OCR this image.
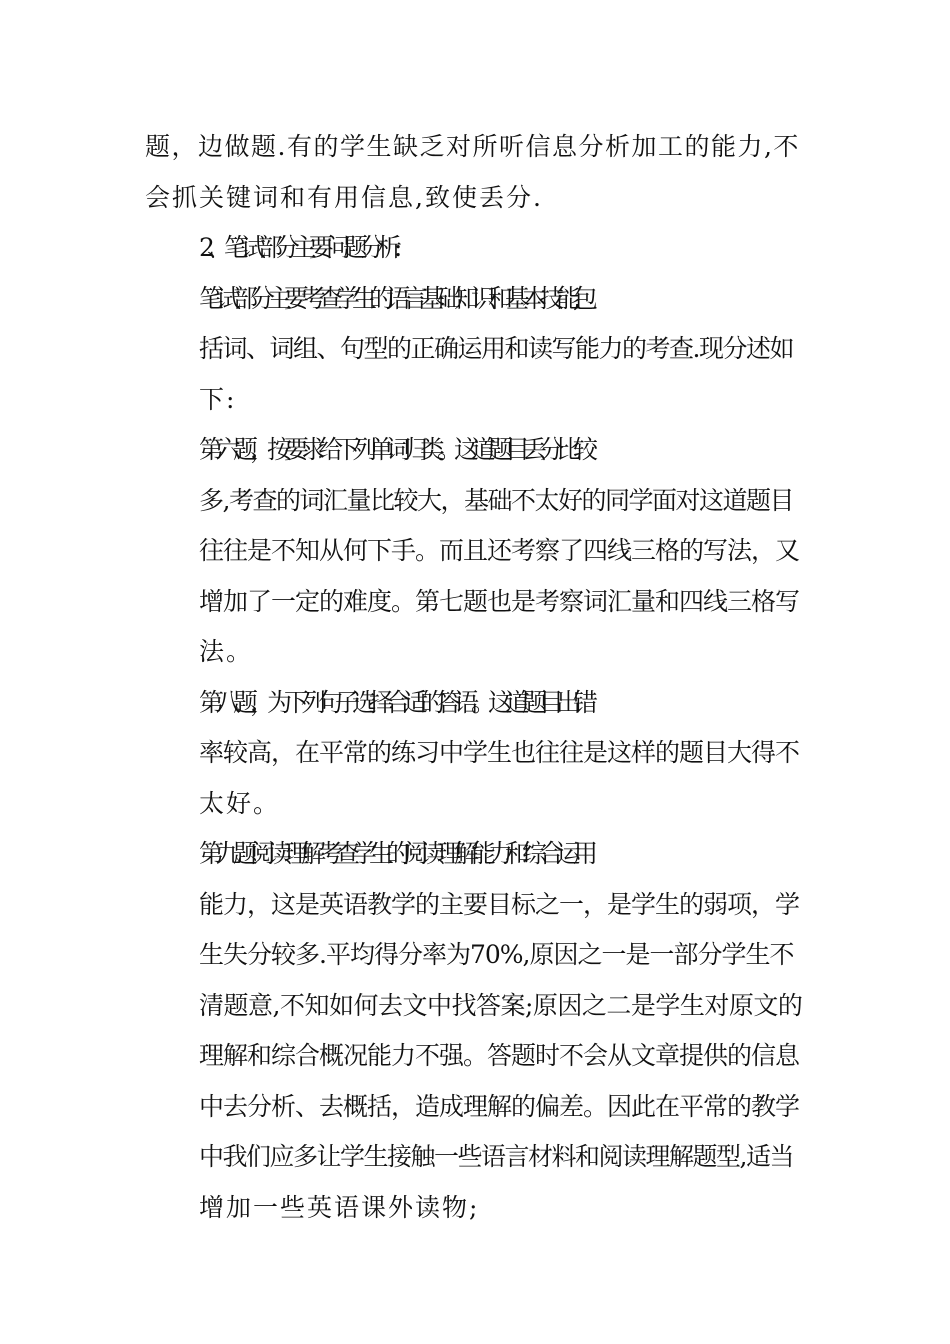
题，边做题.有的学生缺乏对所听信息分析加工的能力,不
会抓关键词和有用信息,致使丢分.
2、笔试部分主要问题分析:
笔试部分主要考查学生的语言基础知识和基本技能,包
括词、词组、句型的正确运用和读写能力的考查.现分述如
下:
第六题，按要求给下列单词归类。这道题目丢分比较
多,考查的词汇量比较大，基础不太好的同学面对这道题目
往往是不知从何下手。而且还考察了四线三格的写法，又
增加了一定的难度。第七题也是考察词汇量和四线三格写
法。
第八题，为下列句子选择合适的答语。这道题目出错
率较高，在平常的练习中学生也往往是这样的题目大得不
太好。
第九题阅读理解考查学生的阅读理解能力和综合运用
能力，这是英语教学的主要目标之一，是学生的弱项，学
生失分较多.平均得分率为70%,原因之一是一部分学生不
清题意,不知如何去文中找答案;原因之二是学生对原文的
理解和综合概况能力不强。答题时不会从文章提供的信息
中去分析、去概括，造成理解的偏差。因此在平常的教学
中我们应多让学生接触一些语言材料和阅读理解题型,适当
增加一些英语课外读物;
